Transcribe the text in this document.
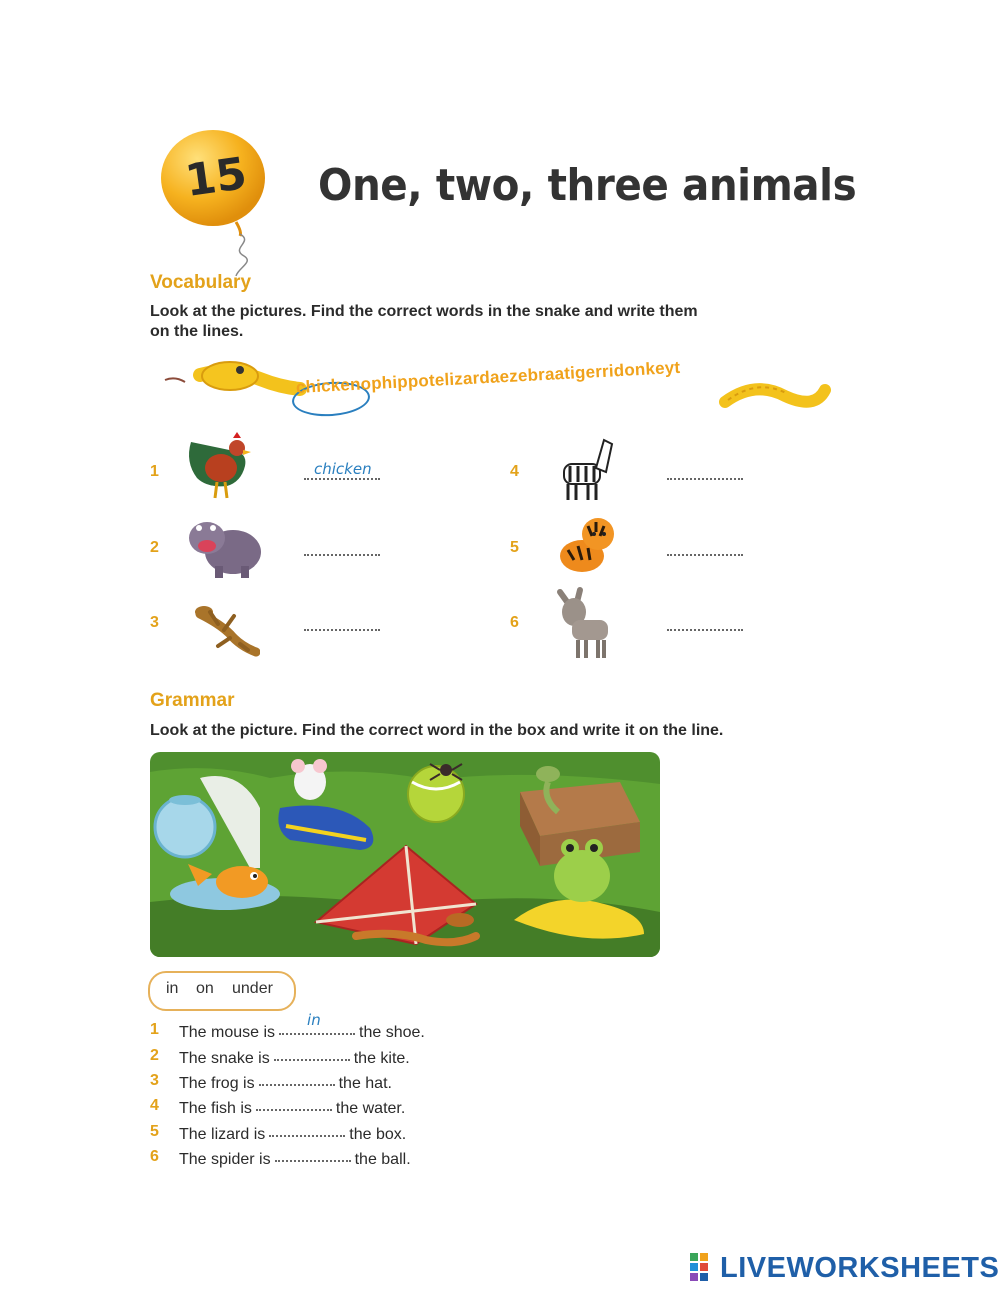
15 One, two, three animals
Vocabulary
Look at the pictures. Find the correct words in the snake and write them
on the lines.
chickenophippotelizardaezebraatigerridonkeyt
1	chicken
2
3
4
5
6
Grammar
Look at the picture. Find the correct word in the box and write it on the line.
in on under
1 The mouse is
in
the shoe.
2 The snake is	the kite.
3 The frog is	the hat.
4 The fish is	the water.
5 The lizard is	the box.
6 The spider is	the ball.
LIVEWORKSHEETS
